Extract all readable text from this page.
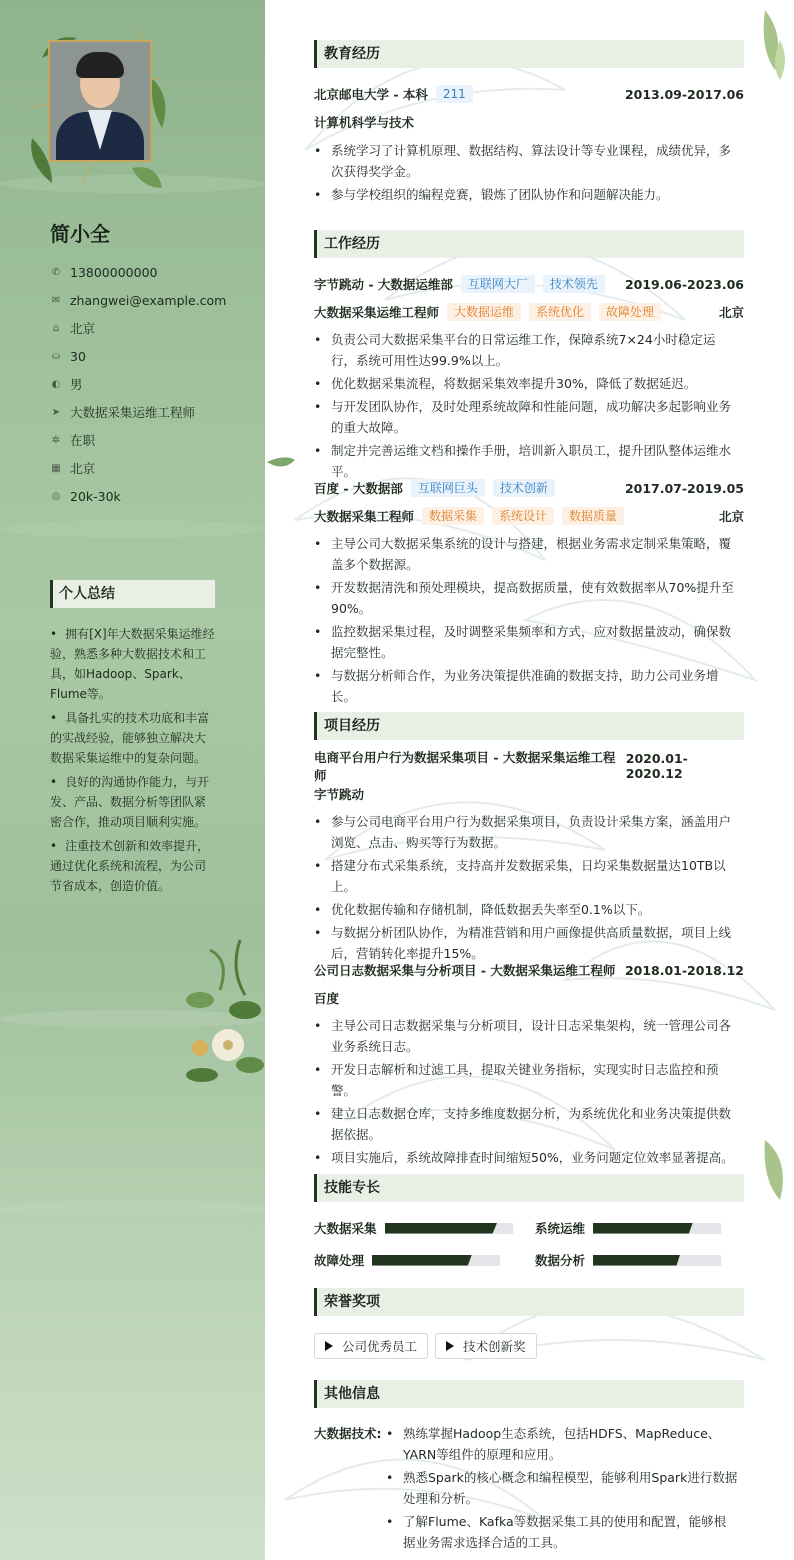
简小全
✆ 13800000000
✉ zhangwei@example.com
⌂ 北京
⛀ 30
◐ 男
➤ 大数据采集运维工程师
✲ 在职
▦ 北京
◎ 20k-30k
个人总结
• 拥有[X]年大数据采集运维经验，熟悉多种大数据技术和工具，如Hadoop、Spark、Flume等。
• 具备扎实的技术功底和丰富的实战经验，能够独立解决大数据采集运维中的复杂问题。
• 良好的沟通协作能力，与开发、产品、数据分析等团队紧密合作，推动项目顺利实施。
• 注重技术创新和效率提升，通过优化系统和流程，为公司节省成本，创造价值。
教育经历
北京邮电大学 - 本科	211	2013.09-2017.06
计算机科学与技术
• 系统学习了计算机原理、数据结构、算法设计等专业课程，成绩优异，多次获得奖学金。
• 参与学校组织的编程竞赛，锻炼了团队协作和问题解决能力。
工作经历
字节跳动 - 大数据运维部	互联网大厂	技术领先	2019.06-2023.06
大数据采集运维工程师	大数据运维	系统优化	故障处理	北京
• 负责公司大数据采集平台的日常运维工作，保障系统7×24小时稳定运行，系统可用性达99.9%以上。
• 优化数据采集流程，将数据采集效率提升30%，降低了数据延迟。
• 与开发团队协作，及时处理系统故障和性能问题，成功解决多起影响业务的重大故障。
• 制定并完善运维文档和操作手册，培训新入职员工，提升团队整体运维水平。
百度 - 大数据部	互联网巨头	技术创新	2017.07-2019.05
大数据采集工程师	数据采集	系统设计	数据质量	北京
• 主导公司大数据采集系统的设计与搭建，根据业务需求定制采集策略，覆盖多个数据源。
• 开发数据清洗和预处理模块，提高数据质量，使有效数据率从70%提升至90%。
• 监控数据采集过程，及时调整采集频率和方式，应对数据量波动，确保数据完整性。
• 与数据分析师合作，为业务决策提供准确的数据支持，助力公司业务增长。
项目经历
电商平台用户行为数据采集项目 - 大数据采集运维工程师
2020.01-2020.12
字节跳动
• 参与公司电商平台用户行为数据采集项目，负责设计采集方案，涵盖用户浏览、点击、购买等行为数据。
• 搭建分布式采集系统，支持高并发数据采集，日均采集数据量达10TB以上。
• 优化数据传输和存储机制，降低数据丢失率至0.1%以下。
• 与数据分析团队协作，为精准营销和用户画像提供高质量数据，项目上线后，营销转化率提升15%。
公司日志数据采集与分析项目 - 大数据采集运维工程师 2018.01-2018.12
百度
• 主导公司日志数据采集与分析项目，设计日志采集架构，统一管理公司各业务系统日志。
• 开发日志解析和过滤工具，提取关键业务指标，实现实时日志监控和预警。
• 建立日志数据仓库，支持多维度数据分析，为系统优化和业务决策提供数据依据。
• 项目实施后，系统故障排查时间缩短50%，业务问题定位效率显著提高。
技能专长
大数据采集	系统运维
故障处理	数据分析
荣誉奖项
公司优秀员工	技术创新奖
其他信息
大数据技术:
•	熟练掌握Hadoop生态系统，包括HDFS、MapReduce、YARN等组件的原理和应用。
• 熟悉Spark的核心概念和编程模型，能够利用Spark进行数据处理和分析。
• 了解Flume、Kafka等数据采集工具的使用和配置，能够根据业务需求选择合适的工具。
